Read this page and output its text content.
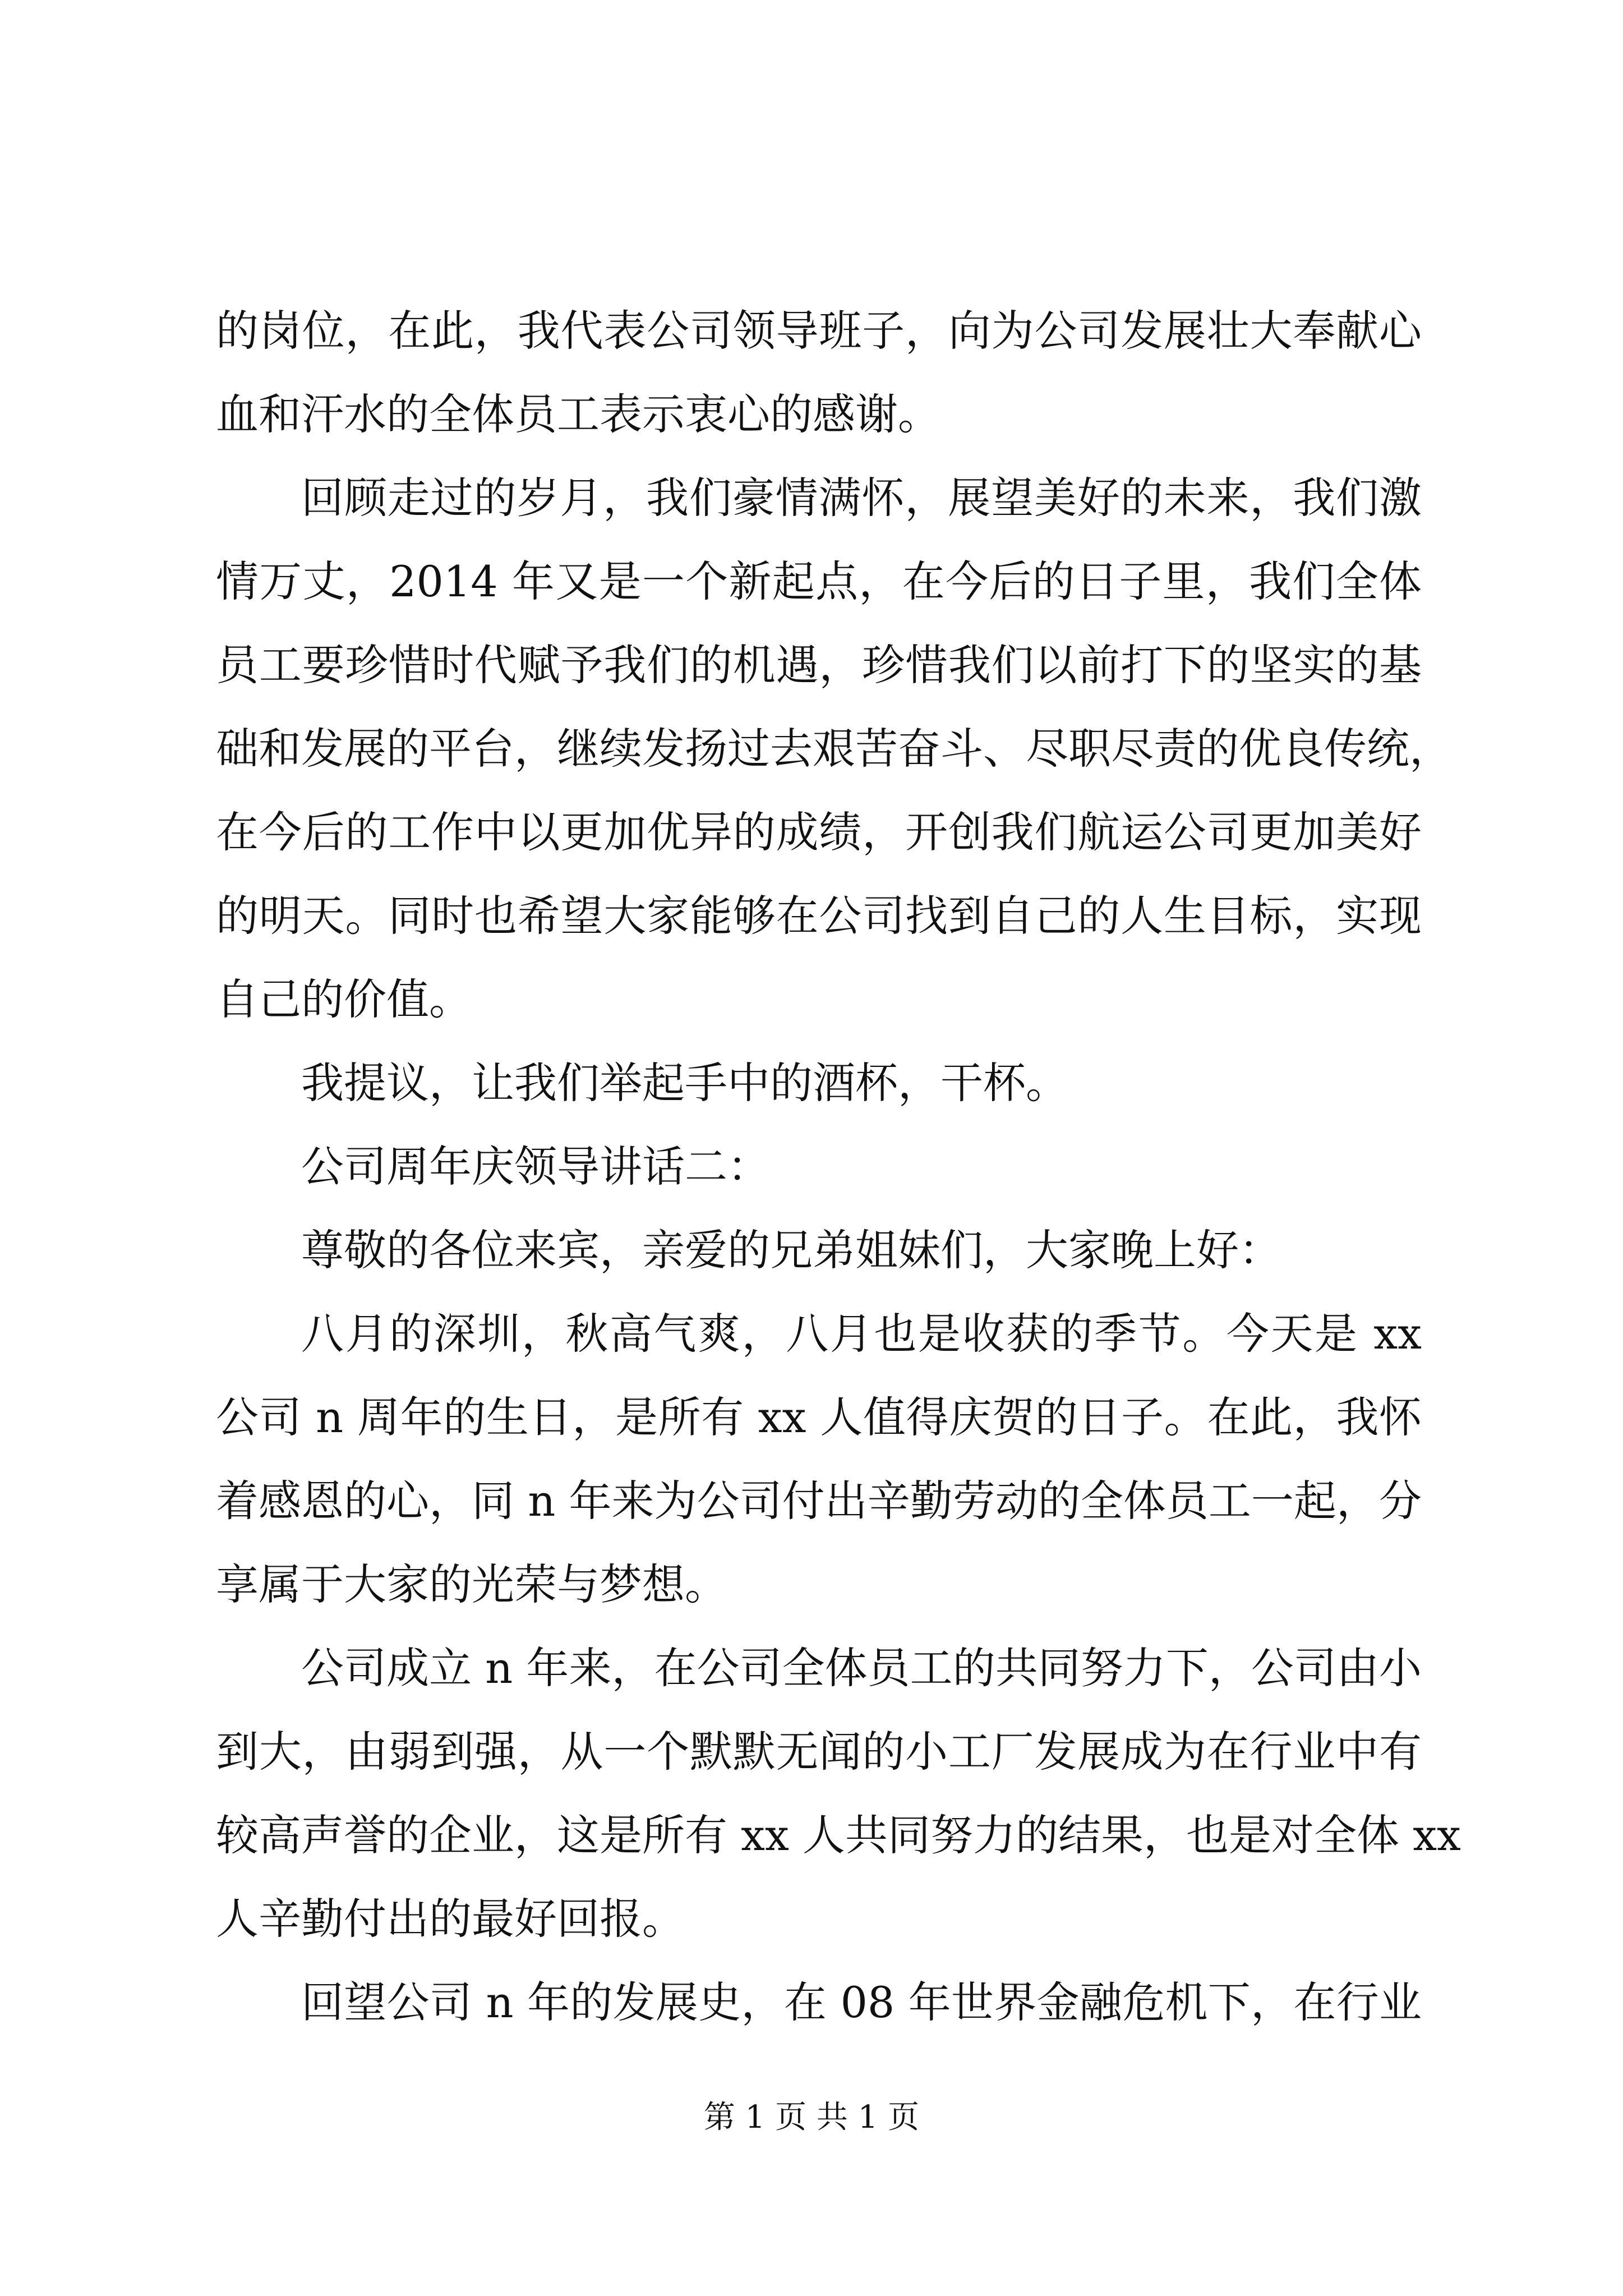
的岗位，在此，我代表公司领导班子，向为公司发展壮大奉献心
血和汗水的全体员工表示衷心的感谢。
回顾走过的岁月，我们豪情满怀，展望美好的未来，我们激
情万丈，2014 年又是一个新起点，在今后的日子里，我们全体
员工要珍惜时代赋予我们的机遇，珍惜我们以前打下的坚实的基
础和发展的平台，继续发扬过去艰苦奋斗、尽职尽责的优良传统，
在今后的工作中以更加优异的成绩，开创我们航运公司更加美好
的明天。同时也希望大家能够在公司找到自己的人生目标，实现
自己的价值。
我提议，让我们举起手中的酒杯，干杯。
公司周年庆领导讲话二：
尊敬的各位来宾，亲爱的兄弟姐妹们，大家晚上好：
八月的深圳，秋高气爽，八月也是收获的季节。今天是 xx
公司 n 周年的生日，是所有 xx 人值得庆贺的日子。在此，我怀
着感恩的心，同 n 年来为公司付出辛勤劳动的全体员工一起，分
享属于大家的光荣与梦想。
公司成立 n 年来，在公司全体员工的共同努力下，公司由小
到大，由弱到强，从一个默默无闻的小工厂发展成为在行业中有
较高声誉的企业，这是所有 xx 人共同努力的结果，也是对全体 xx
人辛勤付出的最好回报。
回望公司 n 年的发展史，在 08 年世界金融危机下，在行业
第 1 页 共 1 页
